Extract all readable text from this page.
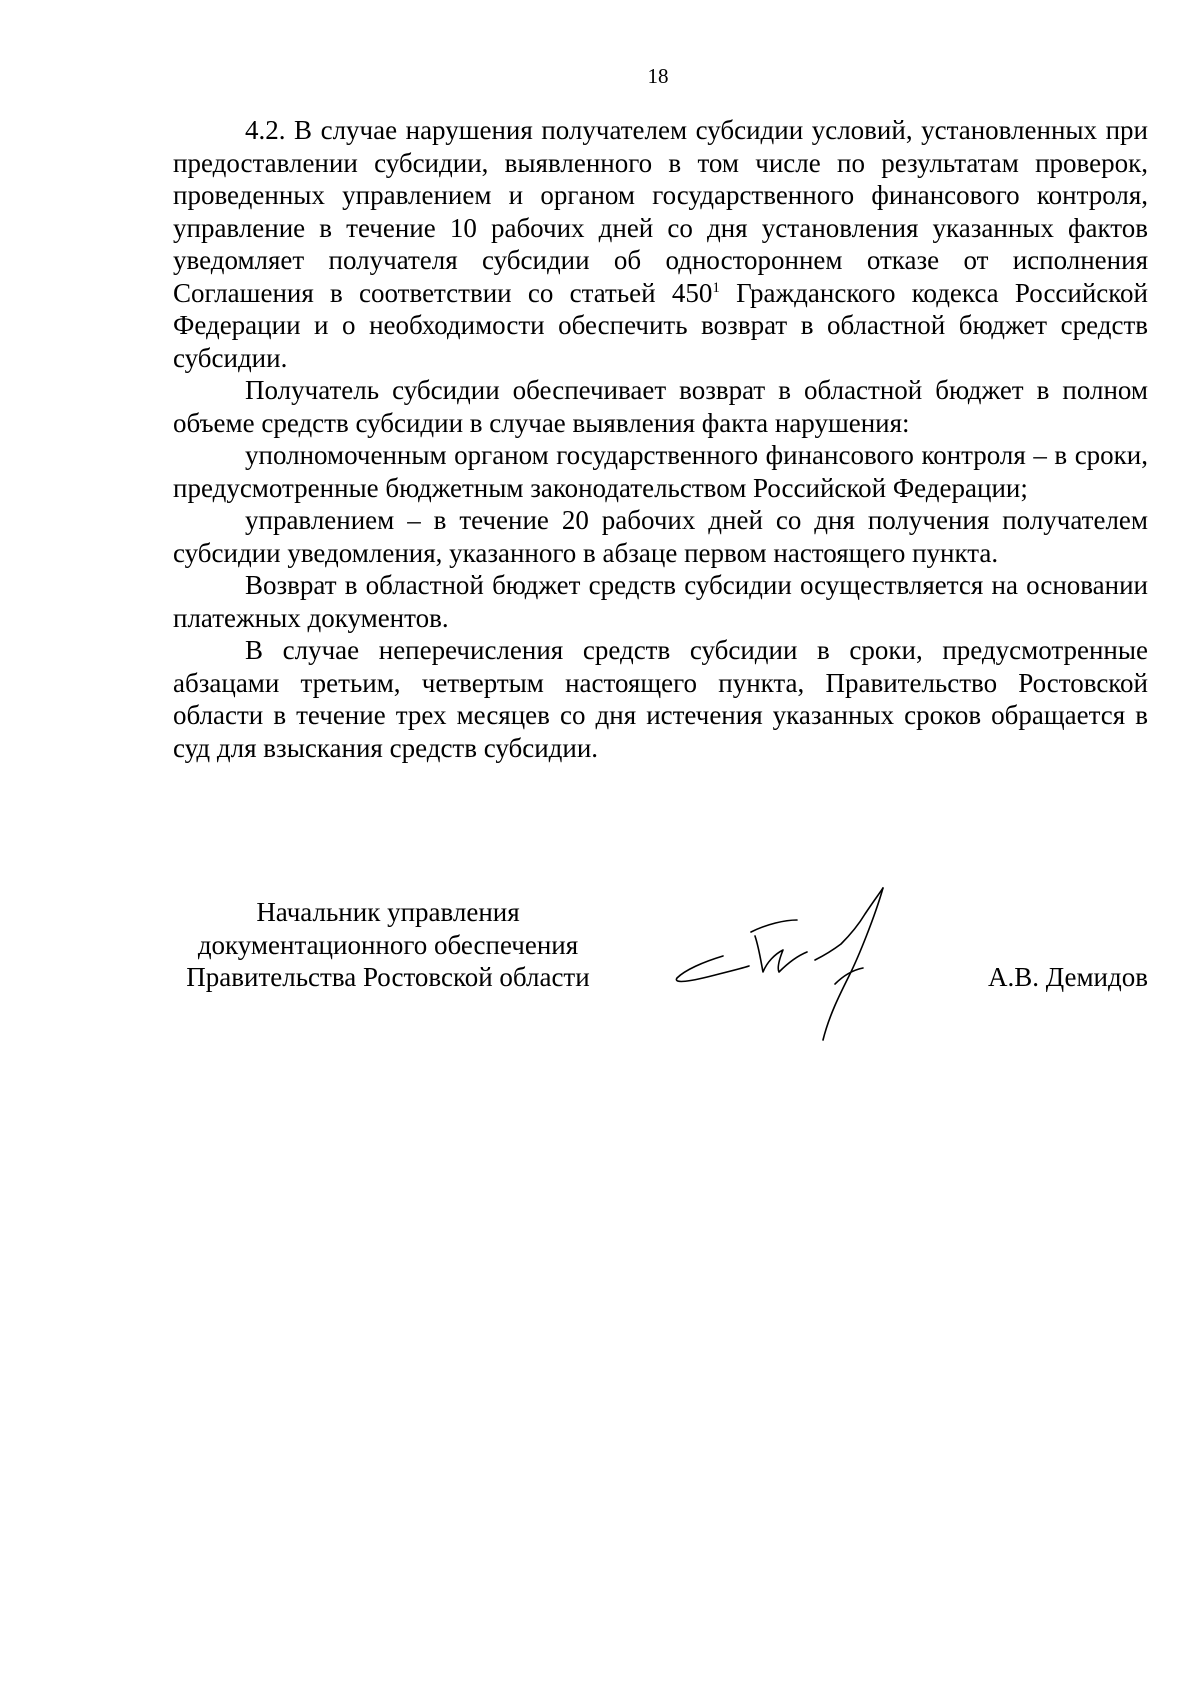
18

4.2. В случае нарушения получателем субсидии условий, установленных при предоставлении субсидии, выявленного в том числе по результатам проверок, проведенных управлением и органом государственного финансового контроля, управление в течение 10 рабочих дней со дня установления указанных фактов уведомляет получателя субсидии об одностороннем отказе от исполнения Соглашения в соответствии со статьей $450^1$ Гражданского кодекса Российской Федерации и о необходимости обеспечить возврат в областной бюджет средств субсидии.

Получатель субсидии обеспечивает возврат в областной бюджет в полном объеме средств субсидии в случае выявления факта нарушения:

уполномоченным органом государственного финансового контроля – в сроки, предусмотренные бюджетным законодательством Российской Федерации;

управлением – в течение 20 рабочих дней со дня получения получателем субсидии уведомления, указанного в абзаце первом настоящего пункта.

Возврат в областной бюджет средств субсидии осуществляется на основании платежных документов.

В случае неперечисления средств субсидии в сроки, предусмотренные абзацами третьим, четвертым настоящего пункта, Правительство Ростовской области в течение трех месяцев со дня истечения указанных сроков обращается в суд для взыскания средств субсидии.

Начальник управления
документационного обеспечения
Правительства Ростовской области	А.В. Демидов
